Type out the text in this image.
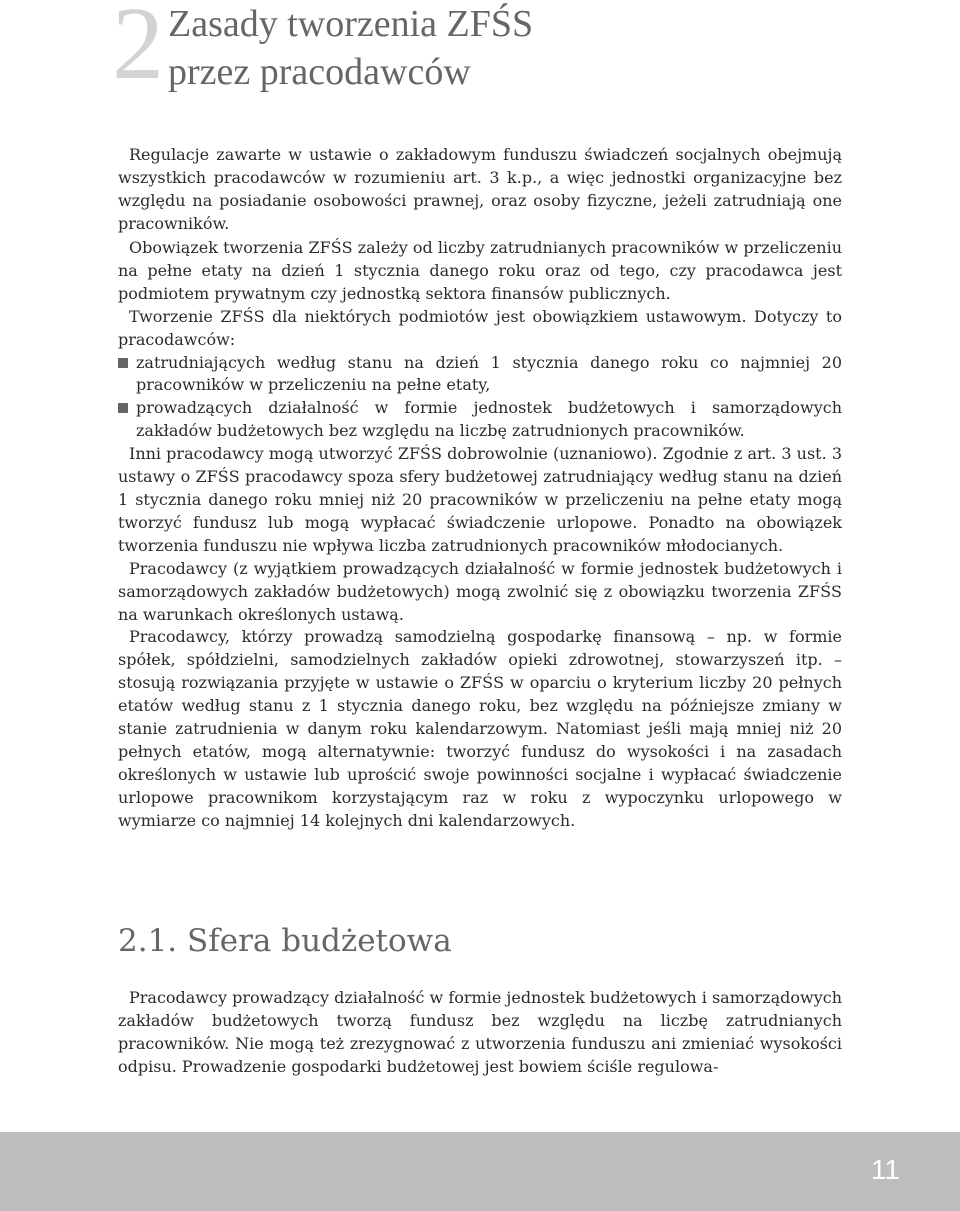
2 Zasady tworzenia ZFŚS
przez pracodawców

Regulacje zawarte w ustawie o zakładowym funduszu świadczeń socjalnych obejmują wszystkich pracodawców w rozumieniu art. 3 k.p., a więc jednostki organizacyjne bez względu na posiadanie osobowości prawnej, oraz osoby fizyczne, jeżeli zatrudniają one pracowników.

Obowiązek tworzenia ZFŚS zależy od liczby zatrudnianych pracowników w przeliczeniu na pełne etaty na dzień 1 stycznia danego roku oraz od tego, czy pracodawca jest podmiotem prywatnym czy jednostką sektora finansów publicznych.

Tworzenie ZFŚS dla niektórych podmiotów jest obowiązkiem ustawowym. Dotyczy to pracodawców:

zatrudniających według stanu na dzień 1 stycznia danego roku co najmniej 20 pracowników w przeliczeniu na pełne etaty,
prowadzących działalność w formie jednostek budżetowych i samorządowych zakładów budżetowych bez względu na liczbę zatrudnionych pracowników.

Inni pracodawcy mogą utworzyć ZFŚS dobrowolnie (uznaniowo). Zgodnie z art. 3 ust. 3 ustawy o ZFŚS pracodawcy spoza sfery budżetowej zatrudniający według stanu na dzień 1 stycznia danego roku mniej niż 20 pracowników w przeliczeniu na pełne etaty mogą tworzyć fundusz lub mogą wypłacać świadczenie urlopowe. Ponadto na obowiązek tworzenia funduszu nie wpływa liczba zatrudnionych pracowników młodocianych.

Pracodawcy (z wyjątkiem prowadzących działalność w formie jednostek budżetowych i samorządowych zakładów budżetowych) mogą zwolnić się z obowiązku tworzenia ZFŚS na warunkach określonych ustawą.

Pracodawcy, którzy prowadzą samodzielną gospodarkę finansową – np. w formie spółek, spółdzielni, samodzielnych zakładów opieki zdrowotnej, stowarzyszeń itp. – stosują rozwiązania przyjęte w ustawie o ZFŚS w oparciu o kryterium liczby 20 pełnych etatów według stanu z 1 stycznia danego roku, bez względu na późniejsze zmiany w stanie zatrudnienia w danym roku kalendarzowym. Natomiast jeśli mają mniej niż 20 pełnych etatów, mogą alternatywnie: tworzyć fundusz do wysokości i na zasadach określonych w ustawie lub uprościć swoje powinności socjalne i wypłacać świadczenie urlopowe pracownikom korzystającym raz w roku z wypoczynku urlopowego w wymiarze co najmniej 14 kolejnych dni kalendarzowych.

2.1. Sfera budżetowa

Pracodawcy prowadzący działalność w formie jednostek budżetowych i samorządowych zakładów budżetowych tworzą fundusz bez względu na liczbę zatrudnianych pracowników. Nie mogą też zrezygnować z utworzenia funduszu ani zmieniać wysokości odpisu. Prowadzenie gospodarki budżetowej jest bowiem ściśle regulowa-

11
